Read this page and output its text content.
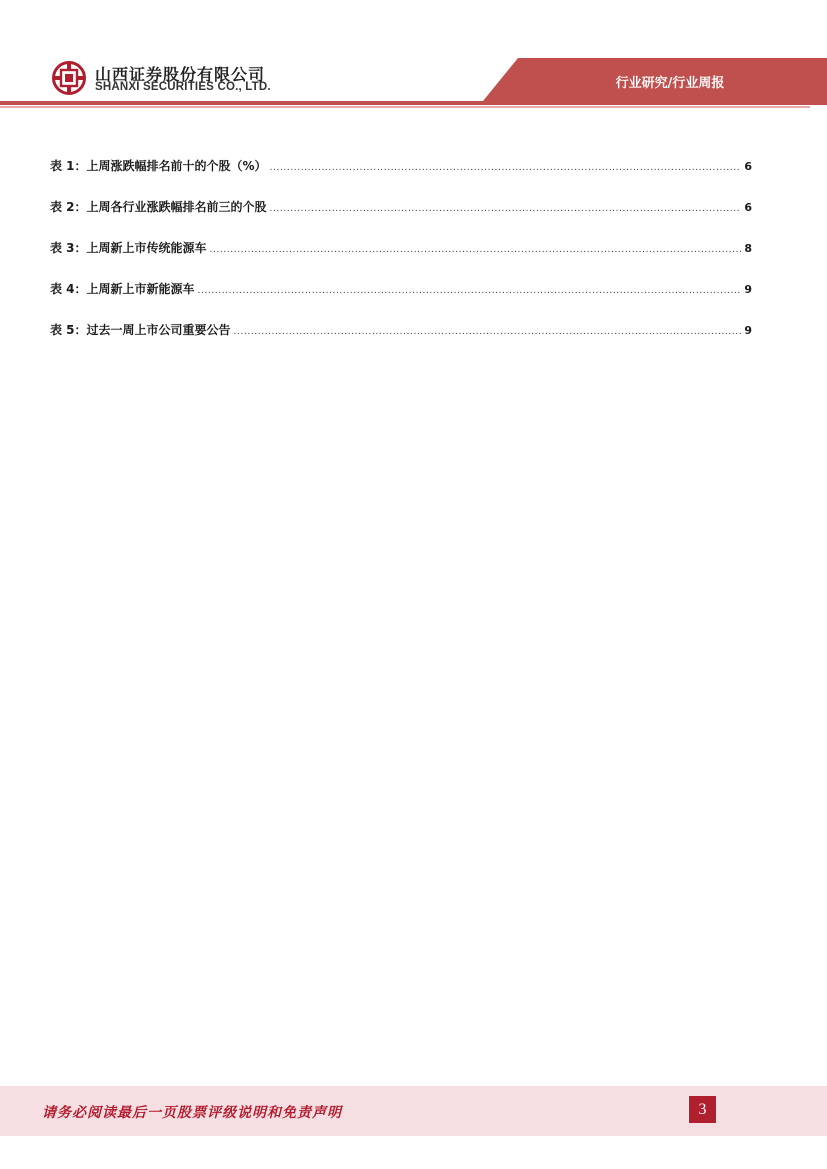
山西证券股份有限公司
SHANXI SECURITIES CO., LTD.	行业研究/行业周报
表 1：上周涨跌幅排名前十的个股（%） .....	6
表 2：上周各行业涨跌幅排名前三的个股 .....	6
表 3：上周新上市传统能源车 .....	8
表 4：上周新上市新能源车 .....	9
表 5：过去一周上市公司重要公告 .....	9
请务必阅读最后一页股票评级说明和免责声明	3
